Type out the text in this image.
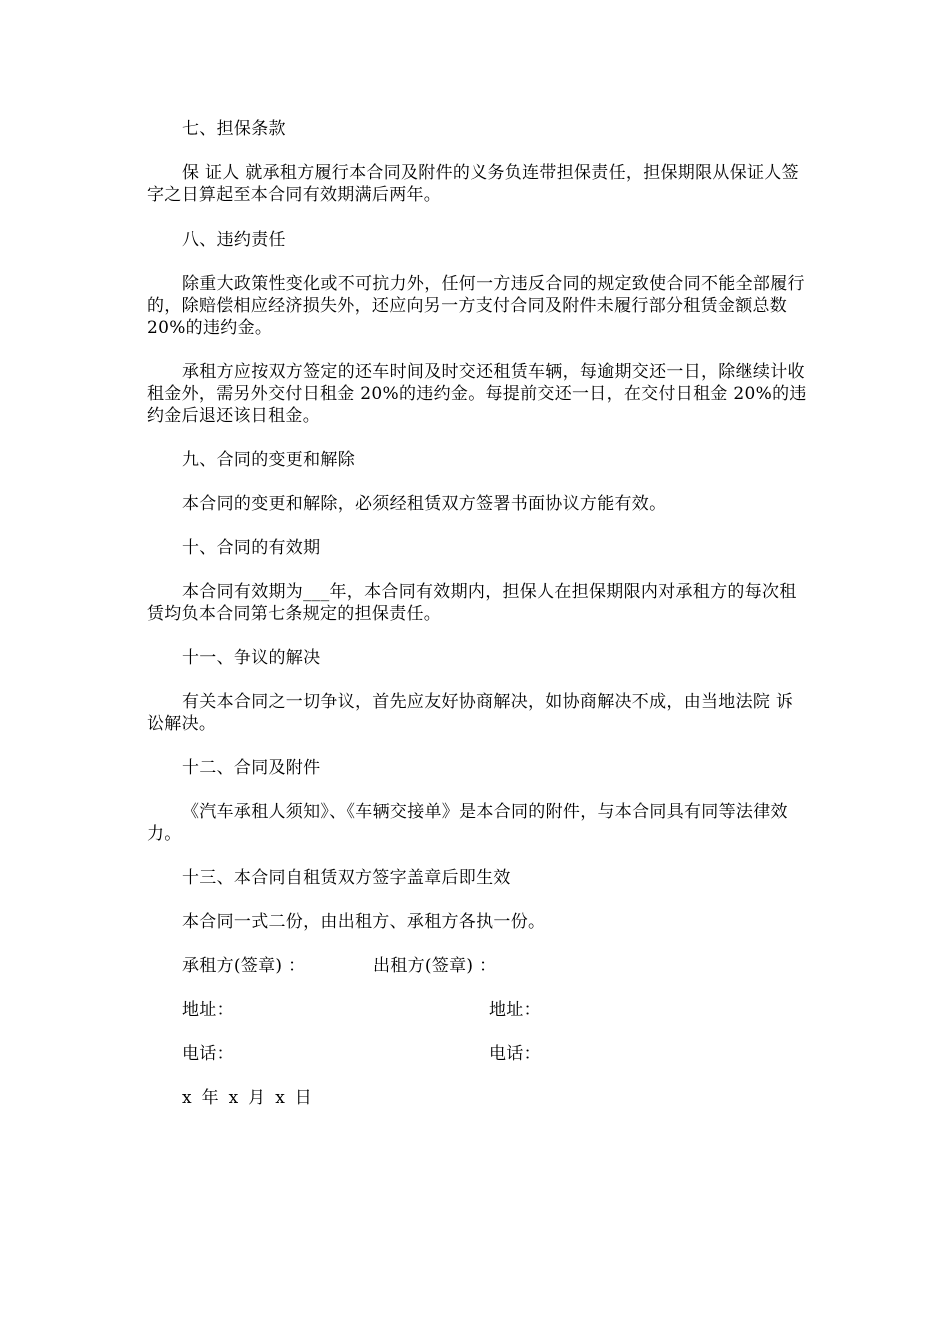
七、担保条款

保 证人 就承租方履行本合同及附件的义务负连带担保责任，担保期限从保证人签字之日算起至本合同有效期满后两年。

八、违约责任

除重大政策性变化或不可抗力外，任何一方违反合同的规定致使合同不能全部履行的，除赔偿相应经济损失外，还应向另一方支付合同及附件未履行部分租赁金额总数 20%的违约金。

承租方应按双方签定的还车时间及时交还租赁车辆，每逾期交还一日，除继续计收租金外，需另外交付日租金 20%的违约金。每提前交还一日，在交付日租金 20%的违约金后退还该日租金。

九、合同的变更和解除

本合同的变更和解除，必须经租赁双方签署书面协议方能有效。

十、合同的有效期

本合同有效期为___年，本合同有效期内，担保人在担保期限内对承租方的每次租赁均负本合同第七条规定的担保责任。

十一、争议的解决

有关本合同之一切争议，首先应友好协商解决，如协商解决不成，由当地法院 诉讼解决。

十二、合同及附件

《汽车承租人须知》、《车辆交接单》是本合同的附件，与本合同具有同等法律效力。

十三、本合同自租赁双方签字盖章后即生效

本合同一式二份，由出租方、承租方各执一份。

承租方(签章) ：	出租方(签章) ：

地址：	地址：

电话：	电话：

x 年 x 月 x 日
